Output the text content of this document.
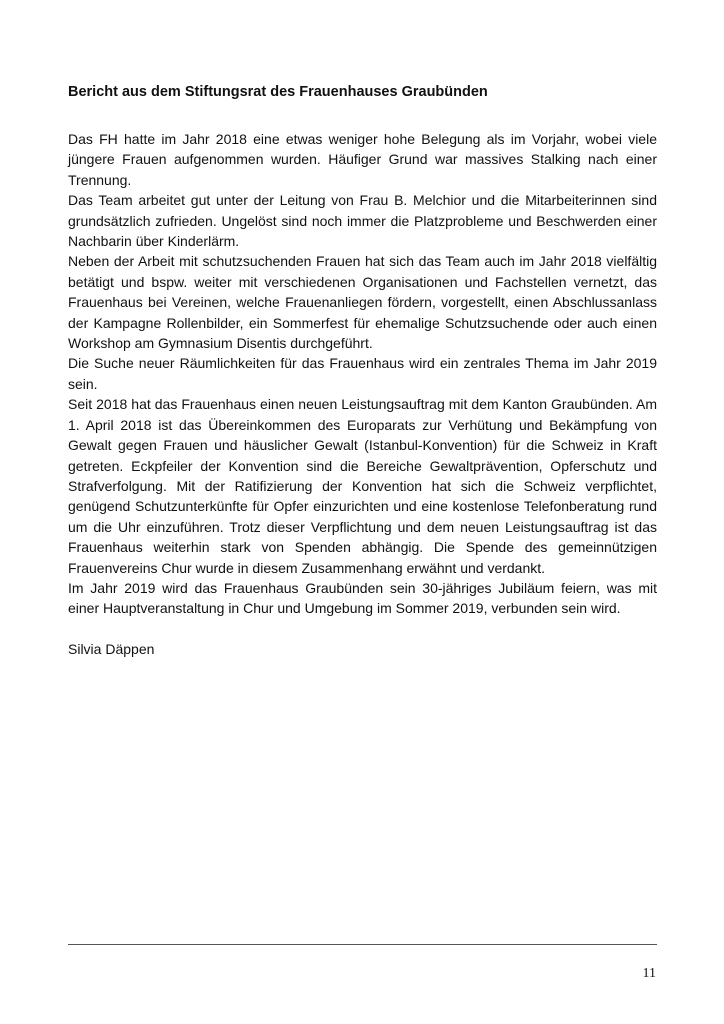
Bericht aus dem Stiftungsrat des Frauenhauses Graubünden

Das FH hatte im Jahr 2018 eine etwas weniger hohe Belegung als im Vorjahr, wobei viele jüngere Frauen aufgenommen wurden. Häufiger Grund war massives Stalking nach einer Trennung.

Das Team arbeitet gut unter der Leitung von Frau B. Melchior und die Mitarbeiterinnen sind grundsätzlich zufrieden. Ungelöst sind noch immer die Platzprobleme und Beschwerden einer Nachbarin über Kinderlärm.

Neben der Arbeit mit schutzsuchenden Frauen hat sich das Team auch im Jahr 2018 vielfältig betätigt und bspw. weiter mit verschiedenen Organisationen und Fachstellen vernetzt, das Frauenhaus bei Vereinen, welche Frauenanliegen fördern, vorgestellt, einen Abschlussanlass der Kampagne Rollenbilder, ein Sommerfest für ehemalige Schutzsuchende oder auch einen Workshop am Gymnasium Disentis durchgeführt.

Die Suche neuer Räumlichkeiten für das Frauenhaus wird ein zentrales Thema im Jahr 2019 sein.

Seit 2018 hat das Frauenhaus einen neuen Leistungsauftrag mit dem Kanton Graubünden. Am 1. April 2018 ist das Übereinkommen des Europarats zur Verhütung und Bekämpfung von Gewalt gegen Frauen und häuslicher Gewalt (Istanbul-Konvention) für die Schweiz in Kraft getreten. Eckpfeiler der Konvention sind die Bereiche Gewaltprävention, Opferschutz und Strafverfolgung. Mit der Ratifizierung der Konvention hat sich die Schweiz verpflichtet, genügend Schutzunterkünfte für Opfer einzurichten und eine kostenlose Telefonberatung rund um die Uhr einzuführen. Trotz dieser Verpflichtung und dem neuen Leistungsauftrag ist das Frauenhaus weiterhin stark von Spenden abhängig. Die Spende des gemeinnützigen Frauenvereins Chur wurde in diesem Zusammenhang erwähnt und verdankt.

Im Jahr 2019 wird das Frauenhaus Graubünden sein 30-jähriges Jubiläum feiern, was mit einer Hauptveranstaltung in Chur und Umgebung im Sommer 2019, verbunden sein wird.

Silvia Däppen
11
